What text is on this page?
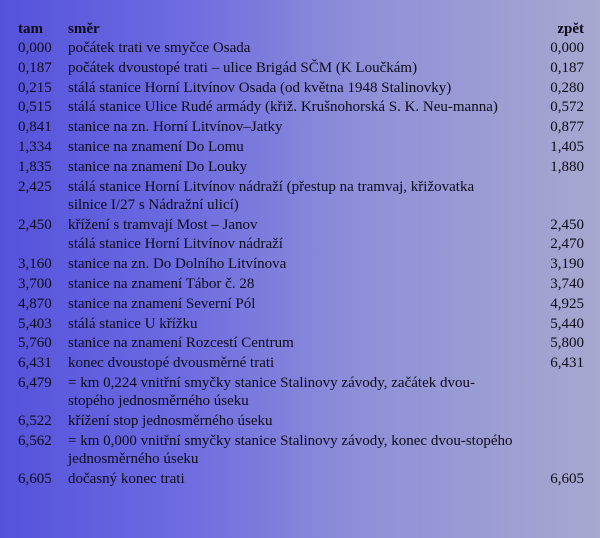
tam	směr	zpět
0,000	počátek trati ve smyčce Osada	0,000
0,187	počátek dvoustopé trati – ulice Brigád SČM (K Loučkám)	0,187
0,215	stálá stanice Horní Litvínov Osada (od května 1948 Stalinovky)	0,280
0,515	stálá stanice Ulice Rudé armády (křiž. Krušnohorská S. K. Neu-manna)	0,572
0,841	stanice na zn. Horní Litvínov–Jatky	0,877
1,334	stanice na znamení Do Lomu	1,405
1,835	stanice na znamení Do Louky	1,880
2,425	stálá stanice Horní Litvínov nádraží (přestup na tramvaj, křižovatka silnice I/27 s Nádražní ulicí)	
2,450	křížení s tramvají Most – Janov	2,450
	stálá stanice Horní Litvínov nádraží	2,470
3,160	stanice na zn. Do Dolního Litvínova	3,190
3,700	stanice na znamení Tábor č. 28	3,740
4,870	stanice na znamení Severní Pól	4,925
5,403	stálá stanice U křížku	5,440
5,760	stanice na znamení Rozcestí Centrum	5,800
6,431	konec dvoustopé dvousměrné trati	6,431
6,479	= km 0,224 vnitřní smyčky stanice Stalinovy závody, začátek dvou-stopého jednosměrného úseku	
6,522	křížení stop jednosměrného úseku	
6,562	= km 0,000 vnitřní smyčky stanice Stalinovy závody, konec dvou-stopého jednosměrného úseku	
6,605	dočasný konec trati	6,605
